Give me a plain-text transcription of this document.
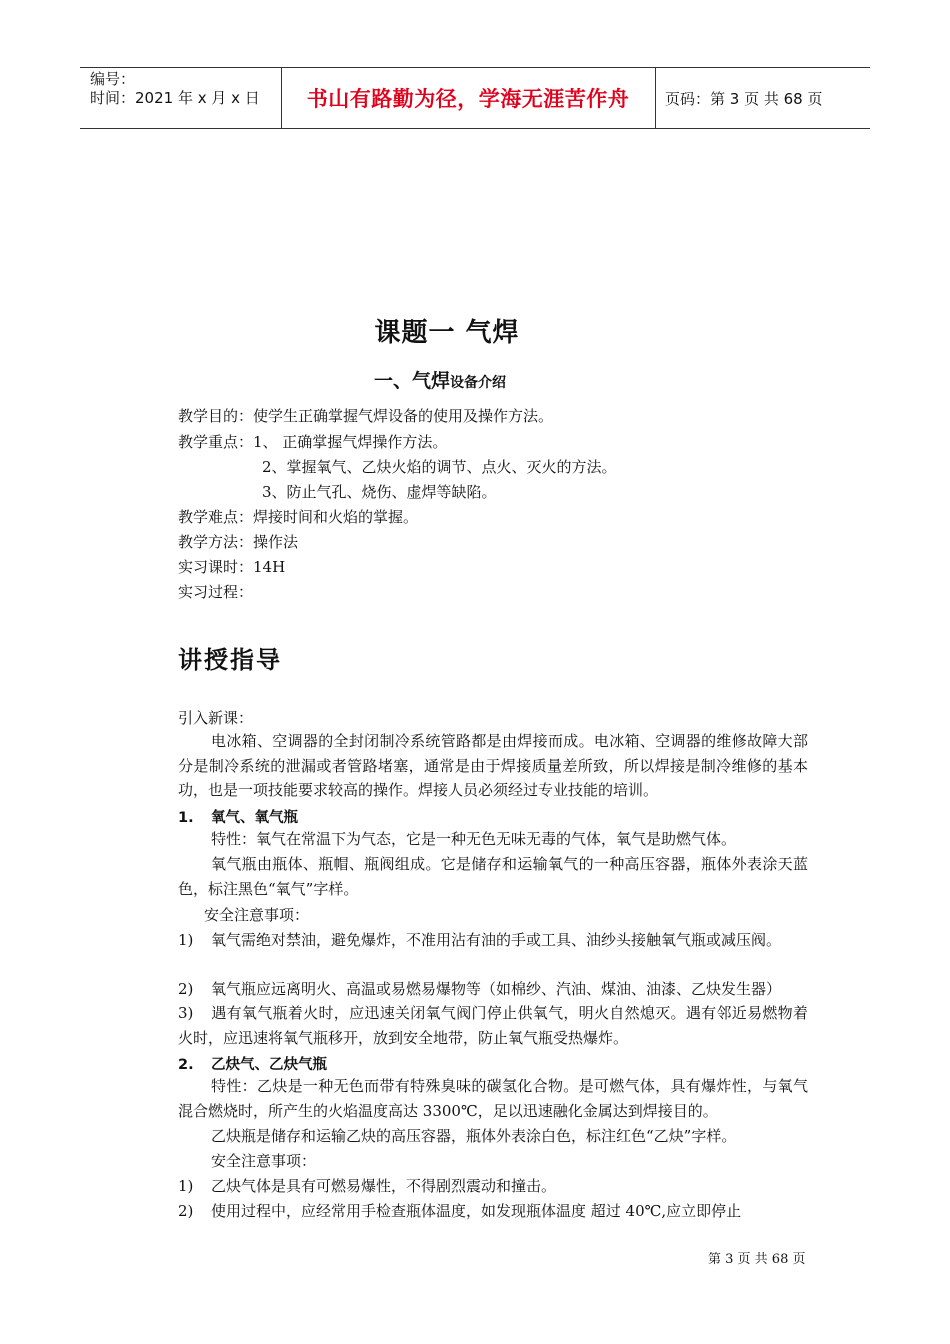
编号：
时间：2021 年 x 月 x 日	书山有路勤为径，学海无涯苦作舟	页码：第 3 页 共 68 页
课题一 气焊
一、气焊设备介绍
教学目的：使学生正确掌握气焊设备的使用及操作方法。
教学重点：1、 正确掌握气焊操作方法。
2、掌握氧气、乙炔火焰的调节、点火、灭火的方法。
3、防止气孔、烧伤、虚焊等缺陷。
教学难点：焊接时间和火焰的掌握。
教学方法：操作法
实习课时：14H
实习过程：
讲授指导
引入新课：
电冰箱、空调器的全封闭制冷系统管路都是由焊接而成。电冰箱、空调器的维修故障大部分是制冷系统的泄漏或者管路堵塞，通常是由于焊接质量差所致，所以焊接是制冷维修的基本功，也是一项技能要求较高的操作。焊接人员必须经过专业技能的培训。
1. 氧气、氧气瓶
特性：氧气在常温下为气态，它是一种无色无味无毒的气体，氧气是助燃气体。
氧气瓶由瓶体、瓶帽、瓶阀组成。它是储存和运输氧气的一种高压容器，瓶体外表涂天蓝色，标注黑色“氧气”字样。
安全注意事项：
1) 氧气需绝对禁油，避免爆炸，不准用沾有油的手或工具、油纱头接触氧气瓶或减压阀。
2) 氧气瓶应远离明火、高温或易燃易爆物等（如棉纱、汽油、煤油、油漆、乙炔发生器）
3) 遇有氧气瓶着火时，应迅速关闭氧气阀门停止供氧气，明火自然熄灭。遇有邻近易燃物着火时，应迅速将氧气瓶移开，放到安全地带，防止氧气瓶受热爆炸。
2. 乙炔气、乙炔气瓶
特性：乙炔是一种无色而带有特殊臭味的碳氢化合物。是可燃气体，具有爆炸性，与氧气混合燃烧时，所产生的火焰温度高达 3300℃，足以迅速融化金属达到焊接目的。
乙炔瓶是储存和运输乙炔的高压容器，瓶体外表涂白色，标注红色“乙炔”字样。
安全注意事项：
1) 乙炔气体是具有可燃易爆性，不得剧烈震动和撞击。
2) 使用过程中，应经常用手检查瓶体温度，如发现瓶体温度 超过 40℃,应立即停止
第 3 页 共 68 页
